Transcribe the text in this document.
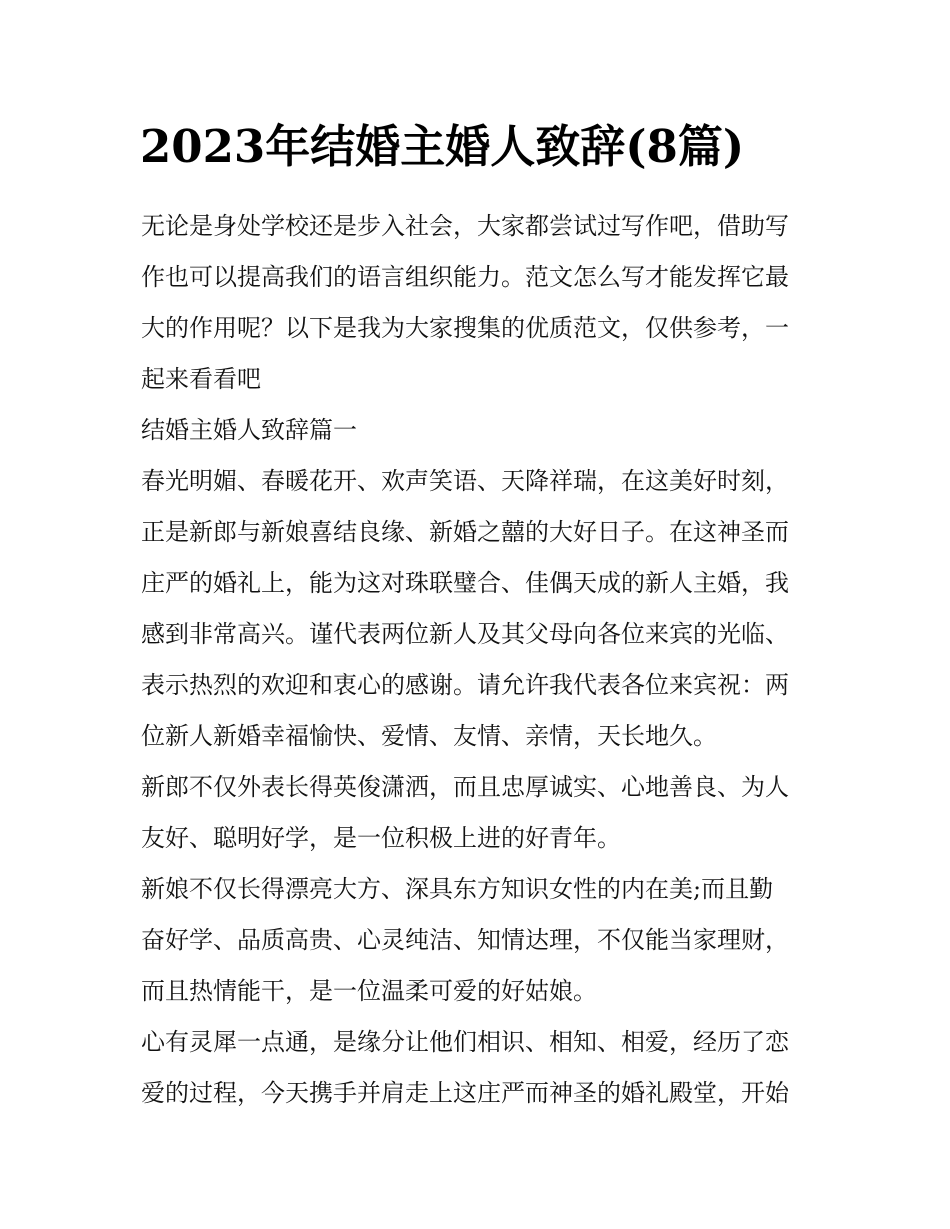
2023年结婚主婚人致辞(8篇)
无论是身处学校还是步入社会，大家都尝试过写作吧，借助写
作也可以提高我们的语言组织能力。范文怎么写才能发挥它最
大的作用呢？以下是我为大家搜集的优质范文，仅供参考，一
起来看看吧
结婚主婚人致辞篇一
春光明媚、春暖花开、欢声笑语、天降祥瑞，在这美好时刻，
正是新郎与新娘喜结良缘、新婚之囍的大好日子。在这神圣而
庄严的婚礼上，能为这对珠联璧合、佳偶天成的新人主婚，我
感到非常高兴。谨代表两位新人及其父母向各位来宾的光临、
表示热烈的欢迎和衷心的感谢。请允许我代表各位来宾祝：两
位新人新婚幸福愉快、爱情、友情、亲情，天长地久。
新郎不仅外表长得英俊潇洒，而且忠厚诚实、心地善良、为人
友好、聪明好学，是一位积极上进的好青年。
新娘不仅长得漂亮大方、深具东方知识女性的内在美;而且勤
奋好学、品质高贵、心灵纯洁、知情达理，不仅能当家理财，
而且热情能干，是一位温柔可爱的好姑娘。
心有灵犀一点通，是缘分让他们相识、相知、相爱，经历了恋
爱的过程，今天携手并肩走上这庄严而神圣的婚礼殿堂，开始
